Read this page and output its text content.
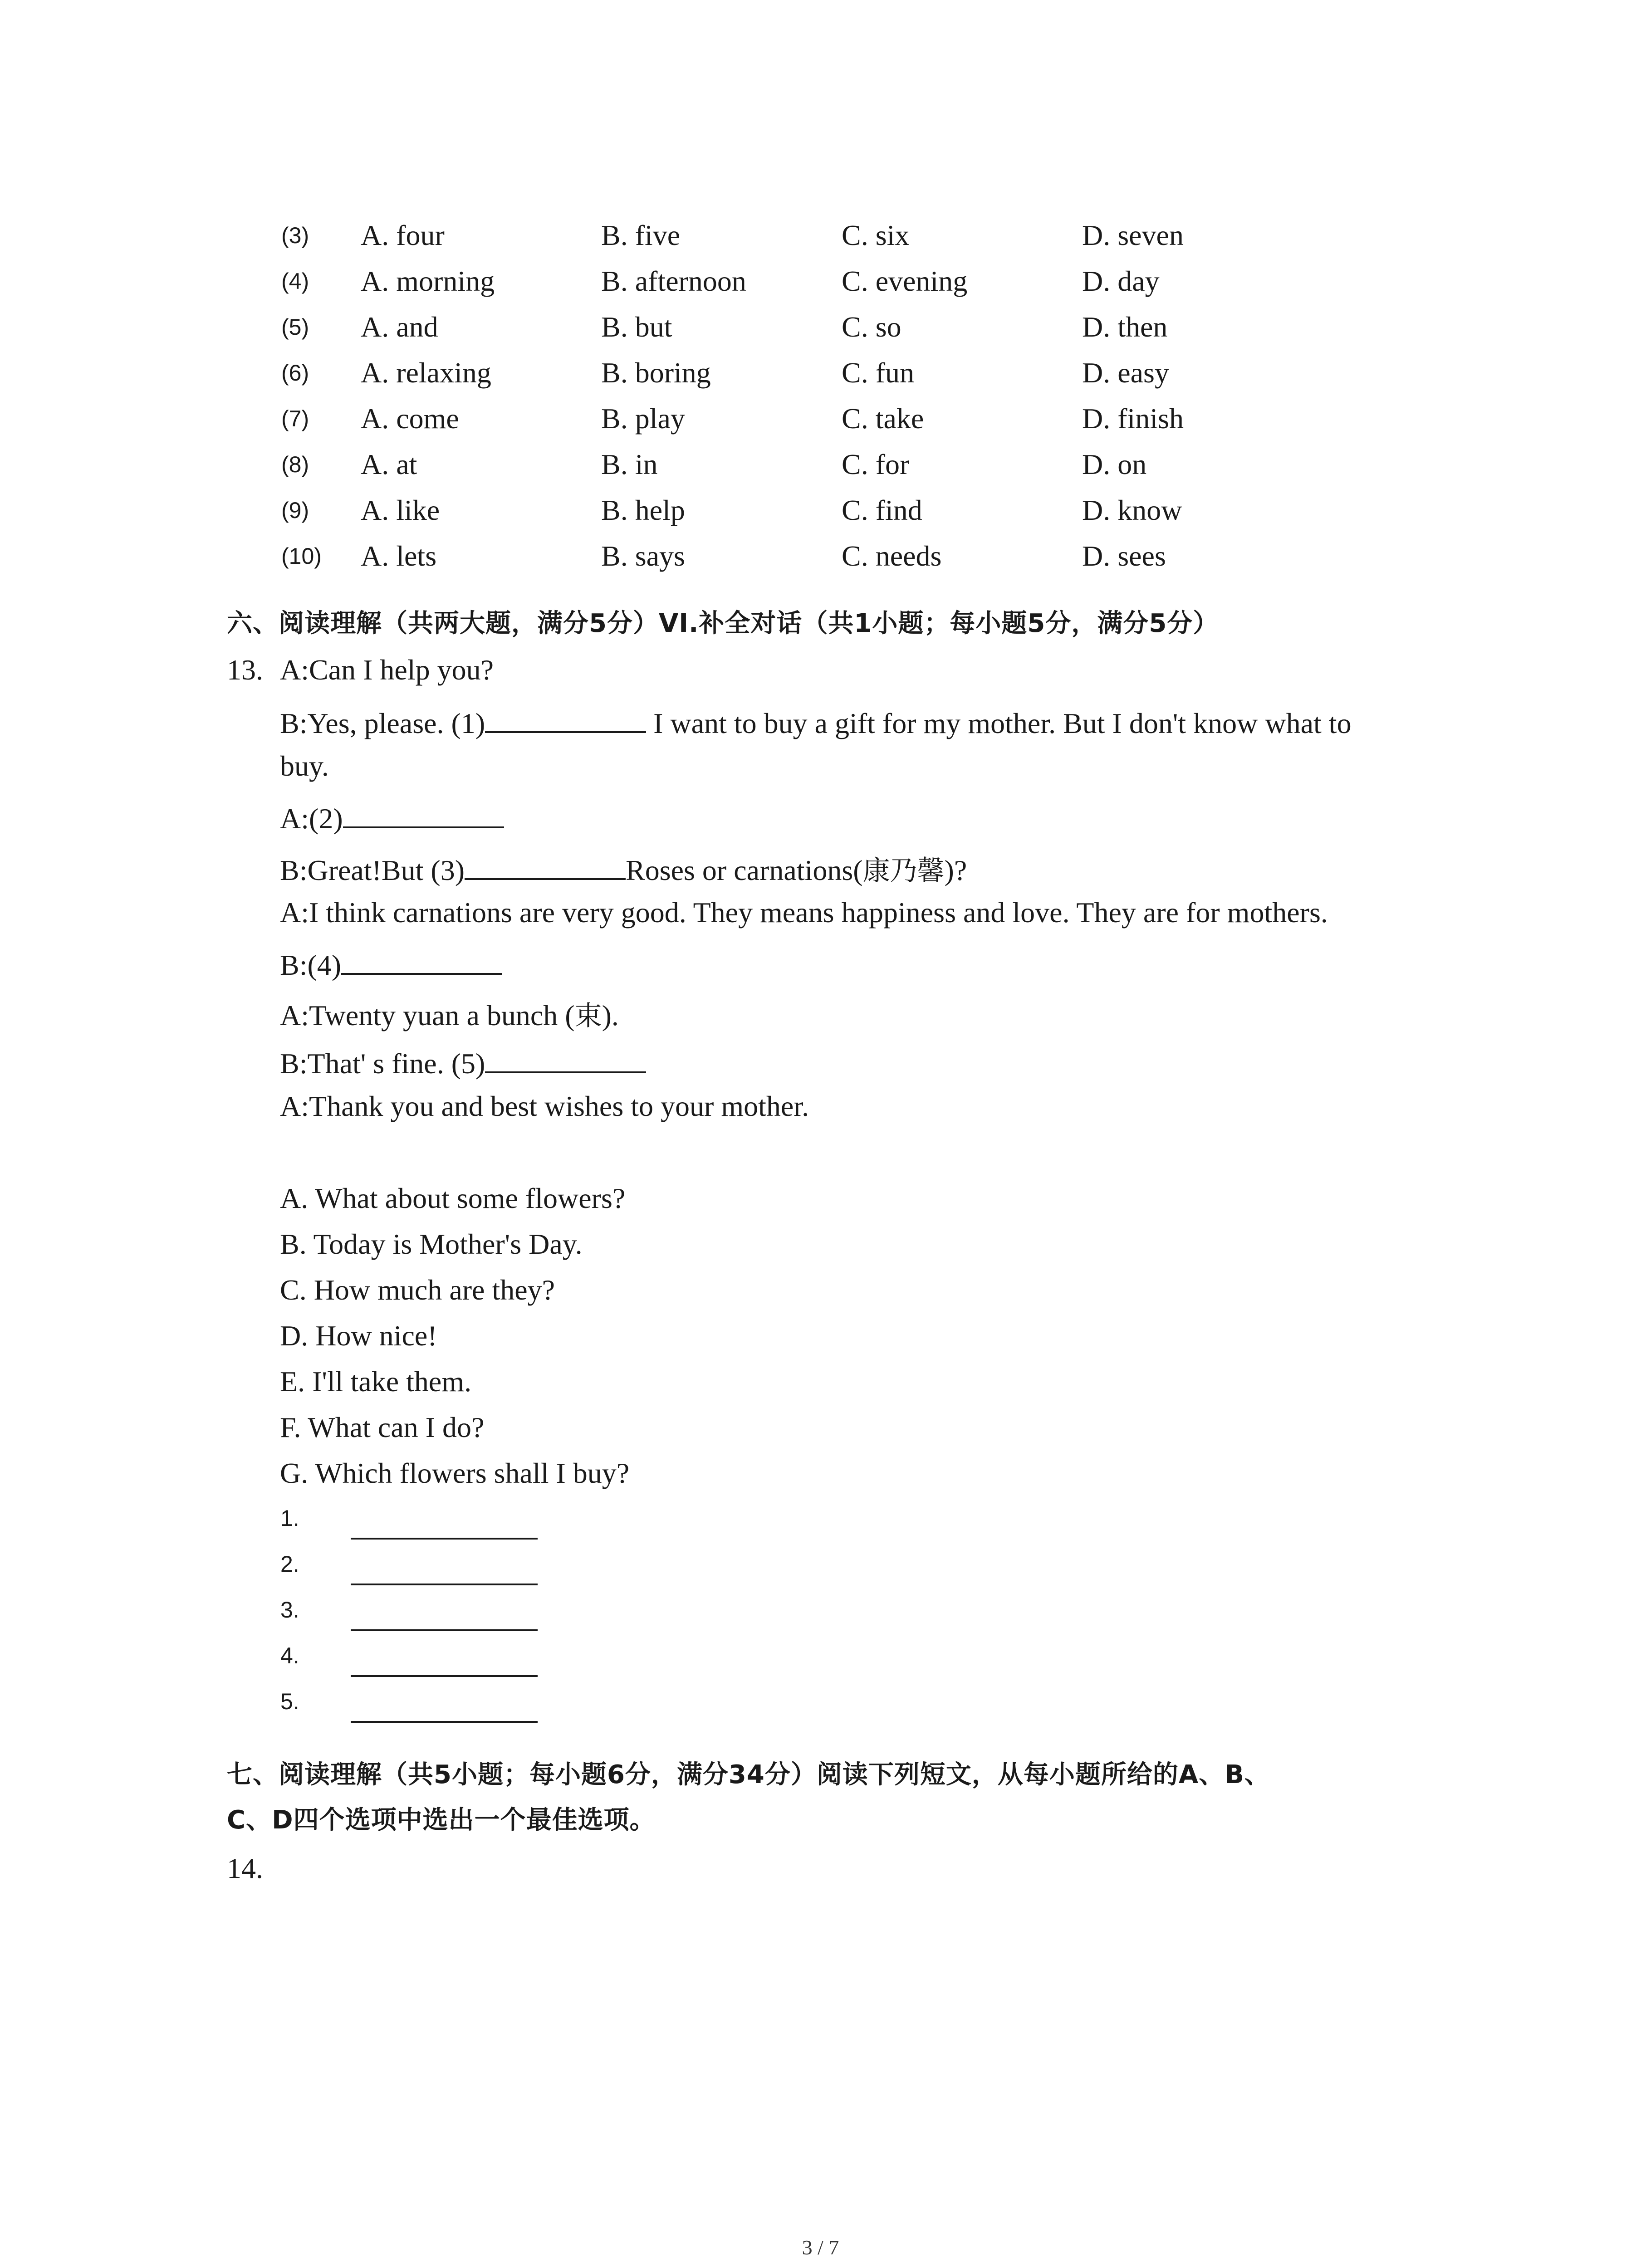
(3)	A. four	B. five	C. six	D. seven
(4)	A. morning	B. afternoon	C. evening	D. day
(5)	A. and	B. but	C. so	D. then
(6)	A. relaxing	B. boring	C. fun	D. easy
(7)	A. come	B. play	C. take	D. finish
(8)	A. at	B. in	C. for	D. on
(9)	A. like	B. help	C. find	D. know
(10)	A. lets	B. says	C. needs	D. sees
六、阅读理解（共两大题，满分5分）VI.补全对话（共1小题；每小题5分，满分5分）
13. A:Can I help you?
B:Yes, please. (1)	I want to buy a gift for my mother. But I don't know what to
buy.
A:(2)
B:Great!But (3)	Roses or carnations(康乃馨)?
A:I think carnations are very good. They means happiness and love. They are for mothers.
B:(4)
A:Twenty yuan a bunch (束).
B:That' s fine. (5)
A:Thank you and best wishes to your mother.
A. What about some flowers?
B. Today is Mother's Day.
C. How much are they?
D. How nice!
E. I'll take them.
F. What can I do?
G. Which flowers shall I buy?
1.
2.
3.
4.
5.
七、阅读理解（共5小题；每小题6分，满分34分）阅读下列短文，从每小题所给的A、B、
C、D四个选项中选出一个最佳选项。
14.
3 / 7
